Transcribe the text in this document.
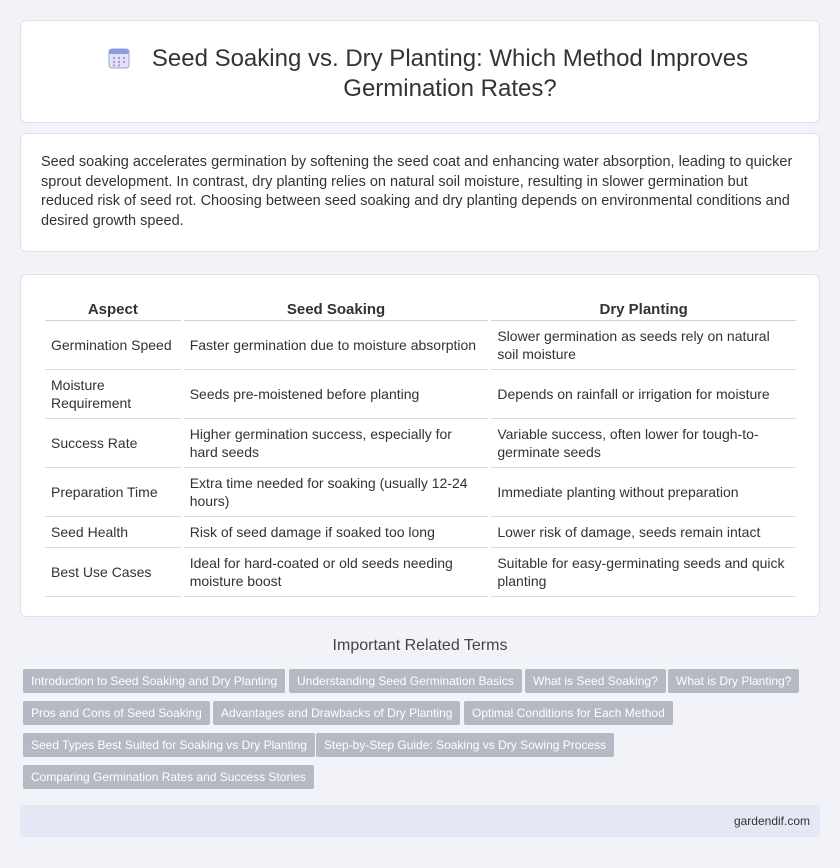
Seed Soaking vs. Dry Planting: Which Method Improves Germination Rates?

Seed soaking accelerates germination by softening the seed coat and enhancing water absorption, leading to quicker sprout development. In contrast, dry planting relies on natural soil moisture, resulting in slower germination but reduced risk of seed rot. Choosing between seed soaking and dry planting depends on environmental conditions and desired growth speed.

Aspect	Seed Soaking	Dry Planting
Germination Speed	Faster germination due to moisture absorption	Slower germination as seeds rely on natural soil moisture
Moisture Requirement	Seeds pre-moistened before planting	Depends on rainfall or irrigation for moisture
Success Rate	Higher germination success, especially for hard seeds	Variable success, often lower for tough-to-germinate seeds
Preparation Time	Extra time needed for soaking (usually 12-24 hours)	Immediate planting without preparation
Seed Health	Risk of seed damage if soaked too long	Lower risk of damage, seeds remain intact
Best Use Cases	Ideal for hard-coated or old seeds needing moisture boost	Suitable for easy-germinating seeds and quick planting
Important Related Terms
Introduction to Seed Soaking and Dry Planting	Understanding Seed Germination Basics	What is Seed Soaking?	What is Dry Planting?
Pros and Cons of Seed Soaking	Advantages and Drawbacks of Dry Planting	Optimal Conditions for Each Method
Seed Types Best Suited for Soaking vs Dry Planting	Step-by-Step Guide: Soaking vs Dry Sowing Process
Comparing Germination Rates and Success Stories
gardendif.com
